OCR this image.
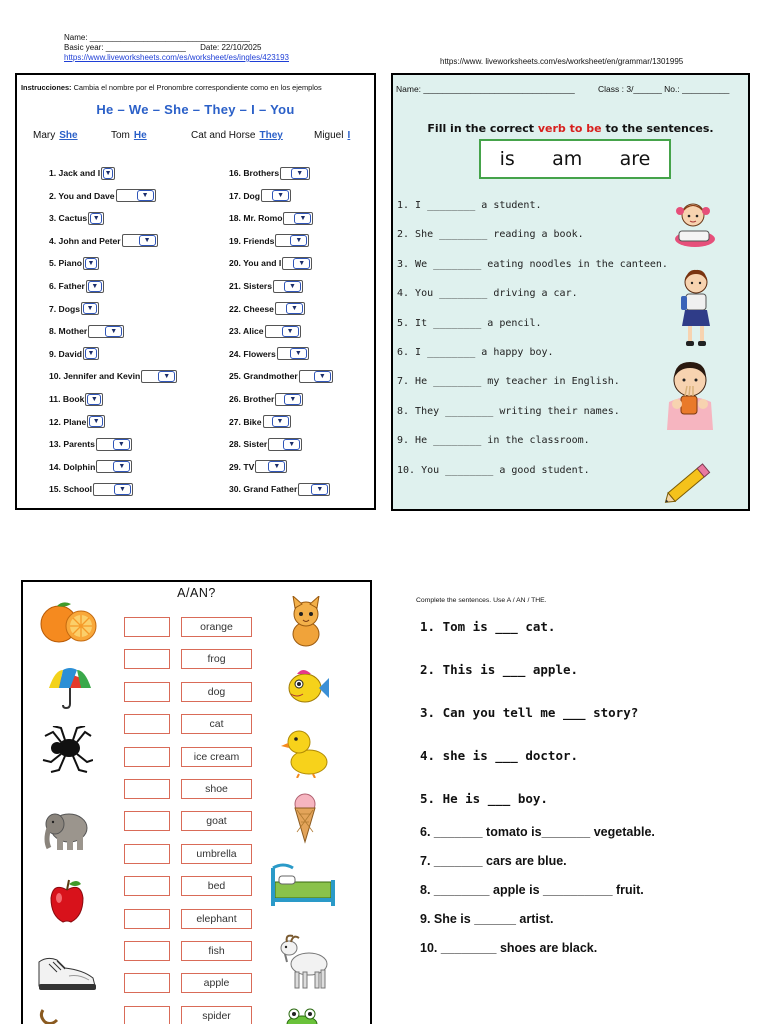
Name: ____________________________________
Basic year: __________________ Date: 22/10/2025
https://www.liveworksheets.com/es/worksheet/es/ingles/423193	https://www. liveworksheets.com/es/worksheet/en/grammar/1301995
Instrucciones: Cambia el nombre por el Pronombre correspondiente como en los ejemplos
He – We – She – They – I – You
Mary She	Tom He	Cat and Horse They	Miguel I
1. Jack and I ▼
2. You and Dave	▼
3. Cactus ▼
4. John and Peter	▼
5. Piano ▼
6. Father ▼
7. Dogs ▼
8. Mother	▼
9. David ▼
10. Jennifer and Kevin	▼
11. Book ▼
12. Plane ▼
13. Parents	▼
14. Dolphin	▼
15. School	▼
16. Brothers	▼
17. Dog	▼
18. Mr. Romo	▼
19. Friends	▼
20. You and I	▼
21. Sisters	▼
22. Cheese	▼
23. Alice	▼
24. Flowers	▼
25. Grandmother	▼
26. Brother	▼
27. Bike	▼
28. Sister	▼
29. TV	▼
30. Grand Father	▼
Name: ________________________________	Class : 3/______ No.: __________
Fill in the correct verb to be to the sentences.
is am are
1. I ________ a student.
2. She ________ reading a book.
3. We ________ eating noodles in the canteen.
4. You ________ driving a car.
5. It ________ a pencil.
6. I ________ a happy boy.
7. He ________ my teacher in English.
8. They ________ writing their names.
9. He ________ in the classroom.
10. You ________ a good student.
A/AN?
orange
frog
dog
cat
ice cream
shoe
goat
umbrella
bed
elephant
fish
apple
spider
Complete the sentences. Use A / AN / THE.
1. Tom is ___ cat.
2. This is ___ apple.
3. Can you tell me ___ story?
4. she is ___ doctor.
5. He is ___ boy.
6. _______ tomato is_______ vegetable.
7. _______ cars are blue.
8. ________ apple is __________ fruit.
9. She is ______ artist.
10. ________ shoes are black.
